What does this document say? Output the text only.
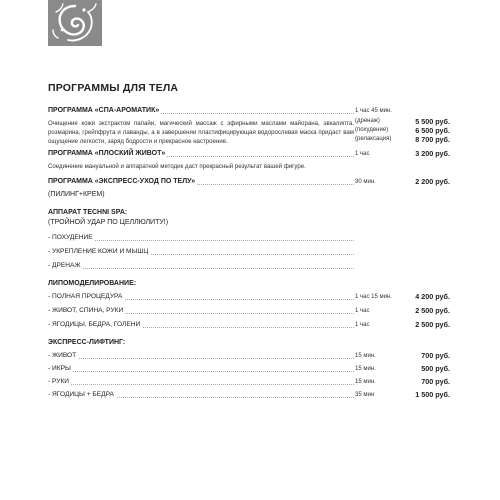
ПРОГРАММЫ ДЛЯ ТЕЛА
ПРОГРАММА «СПА-АРОМАТИК»	1 час 45 мин.
(дренаж)	5 500 руб.
(похудение)	6 500 руб.
(релаксация)	8 700 руб.
Очищение кожи экстрактом папайи, магический массаж с эфирными маслами майорана, эвкалипта, розмарина, грейпфрута и лаванды, а в завершении пластифицирующая водорослевая маска придаст вам ощущение легкости, заряд бодрости и прекрасное настроение.
ПРОГРАММА «ПЛОСКИЙ ЖИВОТ»	1 час	3 200 руб.
Соединение мануальной и аппаратной методик даст прекрасный результат вашей фигуре.
ПРОГРАММА «ЭКСПРЕСС-УХОД ПО ТЕЛУ»	30 мин.	2 200 руб.
(ПИЛИНГ+КРЕМ)
АППАРАТ TECHNI SPA:
(ТРОЙНОЙ УДАР ПО ЦЕЛЛЮЛИТУ!)
- ПОХУДЕНИЕ
- УКРЕПЛЕНИЕ КОЖИ И МЫШЦ
- ДРЕНАЖ
ЛИПОМОДЕЛИРОВАНИЕ:
- ПОЛНАЯ ПРОЦЕДУРА	1 час 15 мин.	4 200 руб.
- ЖИВОТ, СПИНА, РУКИ	1 час	2 500 руб.
- ЯГОДИЦЫ, БЕДРА, ГОЛЕНИ	1 час	2 500 руб.
ЭКСПРЕСС-ЛИФТИНГ:
- ЖИВОТ	15 мин.	700 руб.
- ИКРЫ	15 мин.	500 руб.
- РУКИ	15 мин.	700 руб.
- ЯГОДИЦЫ + БЕДРА	35 мин	1 500 руб.
